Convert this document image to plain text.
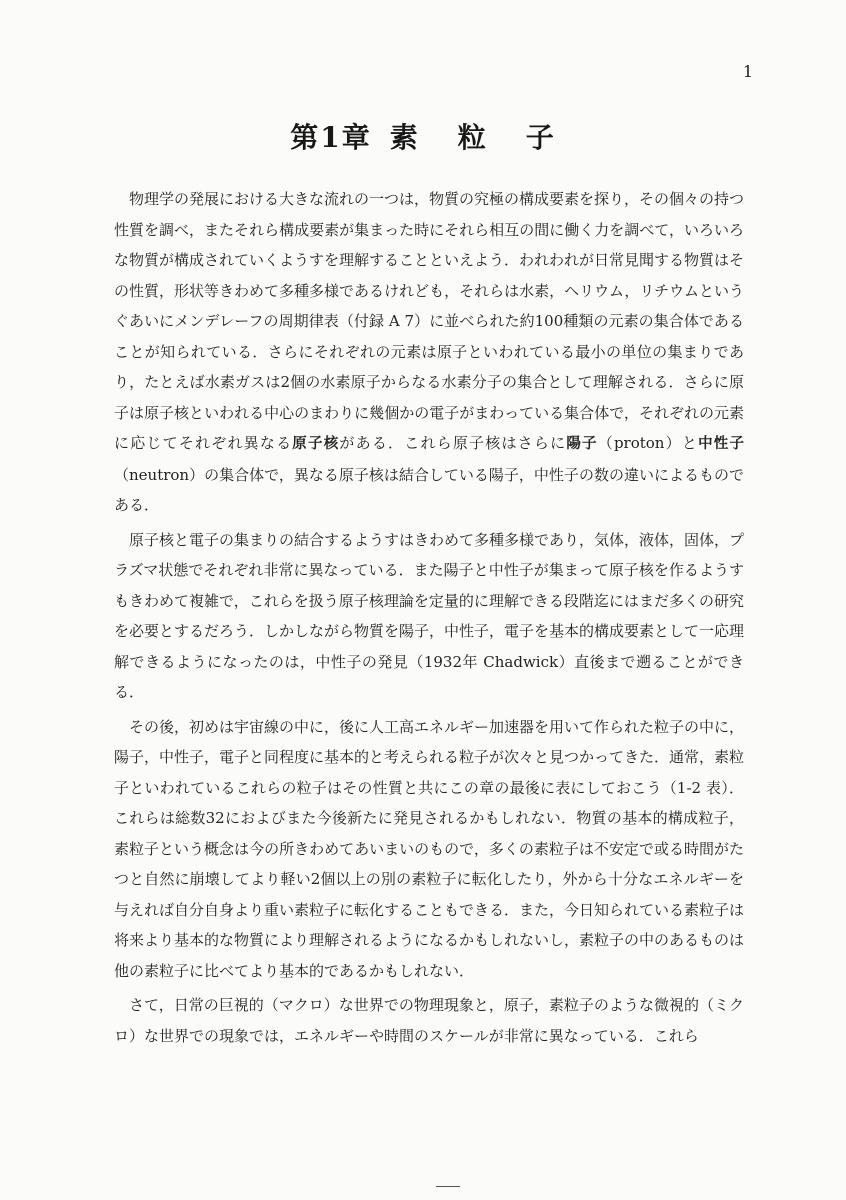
1
第1章 素 粒 子

物理学の発展における大きな流れの一つは，物質の究極の構成要素を探り，その個々の持つ性質を調べ，またそれら構成要素が集まった時にそれら相互の間に働く力を調べて，いろいろな物質が構成されていくようすを理解することといえよう．われわれが日常見聞する物質はその性質，形状等きわめて多種多様であるけれども，それらは水素，ヘリウム，リチウムというぐあいにメンデレーフの周期律表（付録 A 7）に並べられた約100種類の元素の集合体であることが知られている．さらにそれぞれの元素は原子といわれている最小の単位の集まりであり，たとえば水素ガスは2個の水素原子からなる水素分子の集合として理解される．さらに原子は原子核といわれる中心のまわりに幾個かの電子がまわっている集合体で，それぞれの元素に応じてそれぞれ異なる原子核がある．これら原子核はさらに陽子（proton）と中性子（neutron）の集合体で，異なる原子核は結合している陽子，中性子の数の違いによるものである．

原子核と電子の集まりの結合するようすはきわめて多種多様であり，気体，液体，固体，プラズマ状態でそれぞれ非常に異なっている．また陽子と中性子が集まって原子核を作るようすもきわめて複雑で，これらを扱う原子核理論を定量的に理解できる段階迄にはまだ多くの研究を必要とするだろう．しかしながら物質を陽子，中性子，電子を基本的構成要素として一応理解できるようになったのは，中性子の発見（1932年 Chadwick）直後まで遡ることができる．

その後，初めは宇宙線の中に，後に人工高エネルギー加速器を用いて作られた粒子の中に，陽子，中性子，電子と同程度に基本的と考えられる粒子が次々と見つかってきた．通常，素粒子といわれているこれらの粒子はその性質と共にこの章の最後に表にしておこう（1-2 表）．これらは総数32におよびまた今後新たに発見されるかもしれない．物質の基本的構成粒子，素粒子という概念は今の所きわめてあいまいのもので，多くの素粒子は不安定で或る時間がたつと自然に崩壊してより軽い2個以上の別の素粒子に転化したり，外から十分なエネルギーを与えれば自分自身より重い素粒子に転化することもできる．また，今日知られている素粒子は将来より基本的な物質により理解されるようになるかもしれないし，素粒子の中のあるものは他の素粒子に比べてより基本的であるかもしれない．

さて，日常の巨視的（マクロ）な世界での物理現象と，原子，素粒子のような微視的（ミクロ）な世界での現象では，エネルギーや時間のスケールが非常に異なっている．これら
